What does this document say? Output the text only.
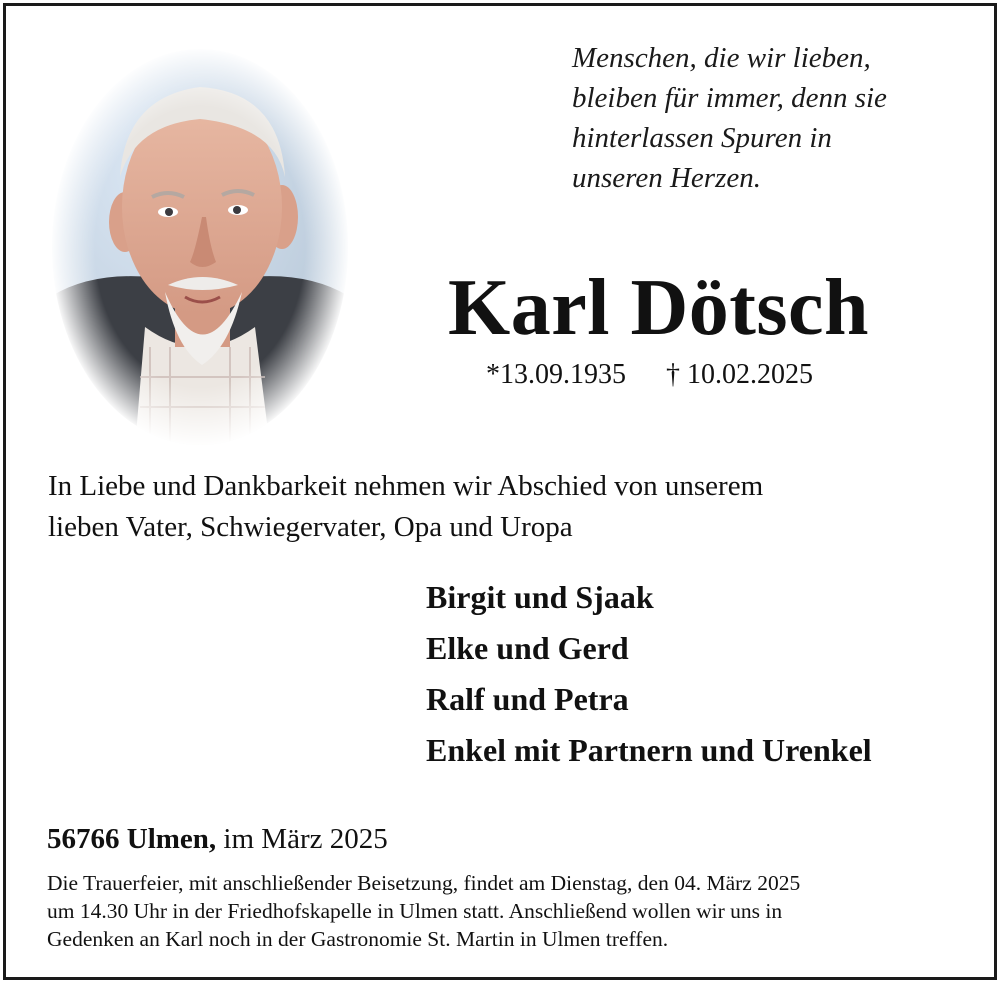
Menschen, die wir lieben,
bleiben für immer, denn sie
hinterlassen Spuren in
unseren Herzen.
Karl Dötsch
*13.09.1935 † 10.02.2025
In Liebe und Dankbarkeit nehmen wir Abschied von unserem
lieben Vater, Schwiegervater, Opa und Uropa
Birgit und Sjaak
Elke und Gerd
Ralf und Petra
Enkel mit Partnern und Urenkel
56766 Ulmen, im März 2025
Die Trauerfeier, mit anschließender Beisetzung, findet am Dienstag, den 04. März 2025
um 14.30 Uhr in der Friedhofskapelle in Ulmen statt. Anschließend wollen wir uns in
Gedenken an Karl noch in der Gastronomie St. Martin in Ulmen treffen.
